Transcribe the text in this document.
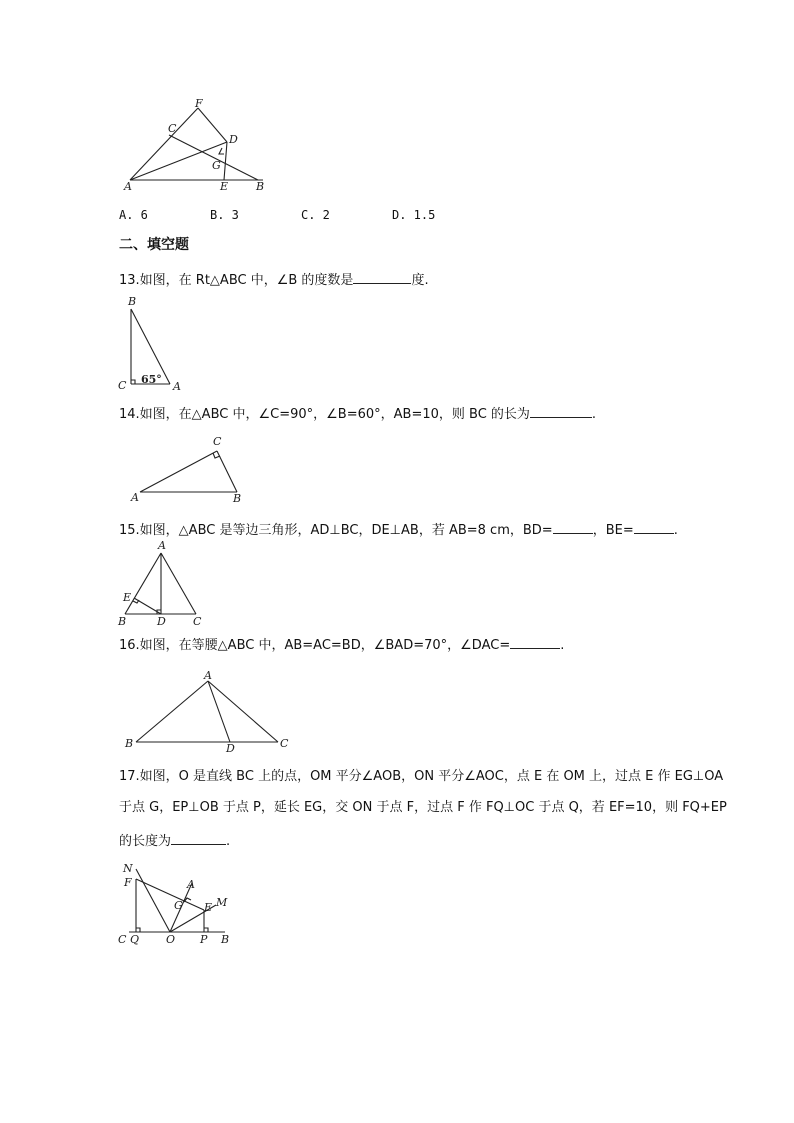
F
C
D
G
A	E	B
A. 6	B. 3	C. 2	D. 1.5
二、填空题
13.如图，在 Rt△ABC 中，∠B 的度数是	度.
B
C	A
65°
14.如图，在△ABC 中，∠C=90°，∠B=60°，AB=10，则 BC 的长为	.
C
A	B
15.如图，△ABC 是等边三角形，AD⊥BC，DE⊥AB，若 AB=8 cm，BD=	，BE=	.
A
E
B	D C
16.如图，在等腰△ABC 中，AB=AC=BD，∠BAD=70°，∠DAC=	.
A
B	D	C
17.如图，O 是直线 BC 上的点，OM 平分∠AOB，ON 平分∠AOC，点 E 在 OM 上，过点 E 作 EG⊥OA
于点 G，EP⊥OB 于点 P，延长 EG，交 ON 于点 F，过点 F 作 FQ⊥OC 于点 Q，若 EF=10，则 FQ+EP
的长度为	.
N
F	A
G	M
E
C Q O P B
